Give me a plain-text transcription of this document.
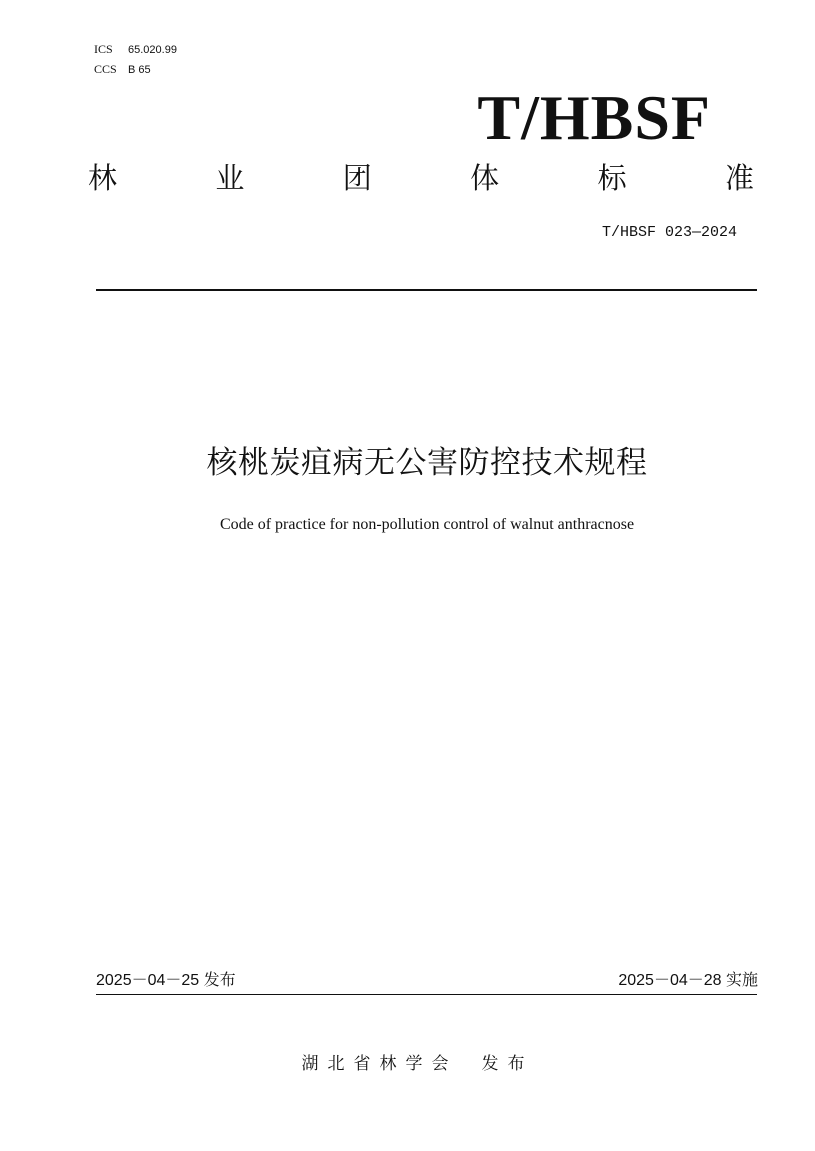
ICS 65.020.99
CCS B 65
T/HBSF
林	业	团	体	标	准
T/HBSF 023—2024
核桃炭疽病无公害防控技术规程
Code of practice for non-pollution control of walnut anthracnose
2025－04－25 发布	2025－04－28 实施
湖北省林学会 发布
